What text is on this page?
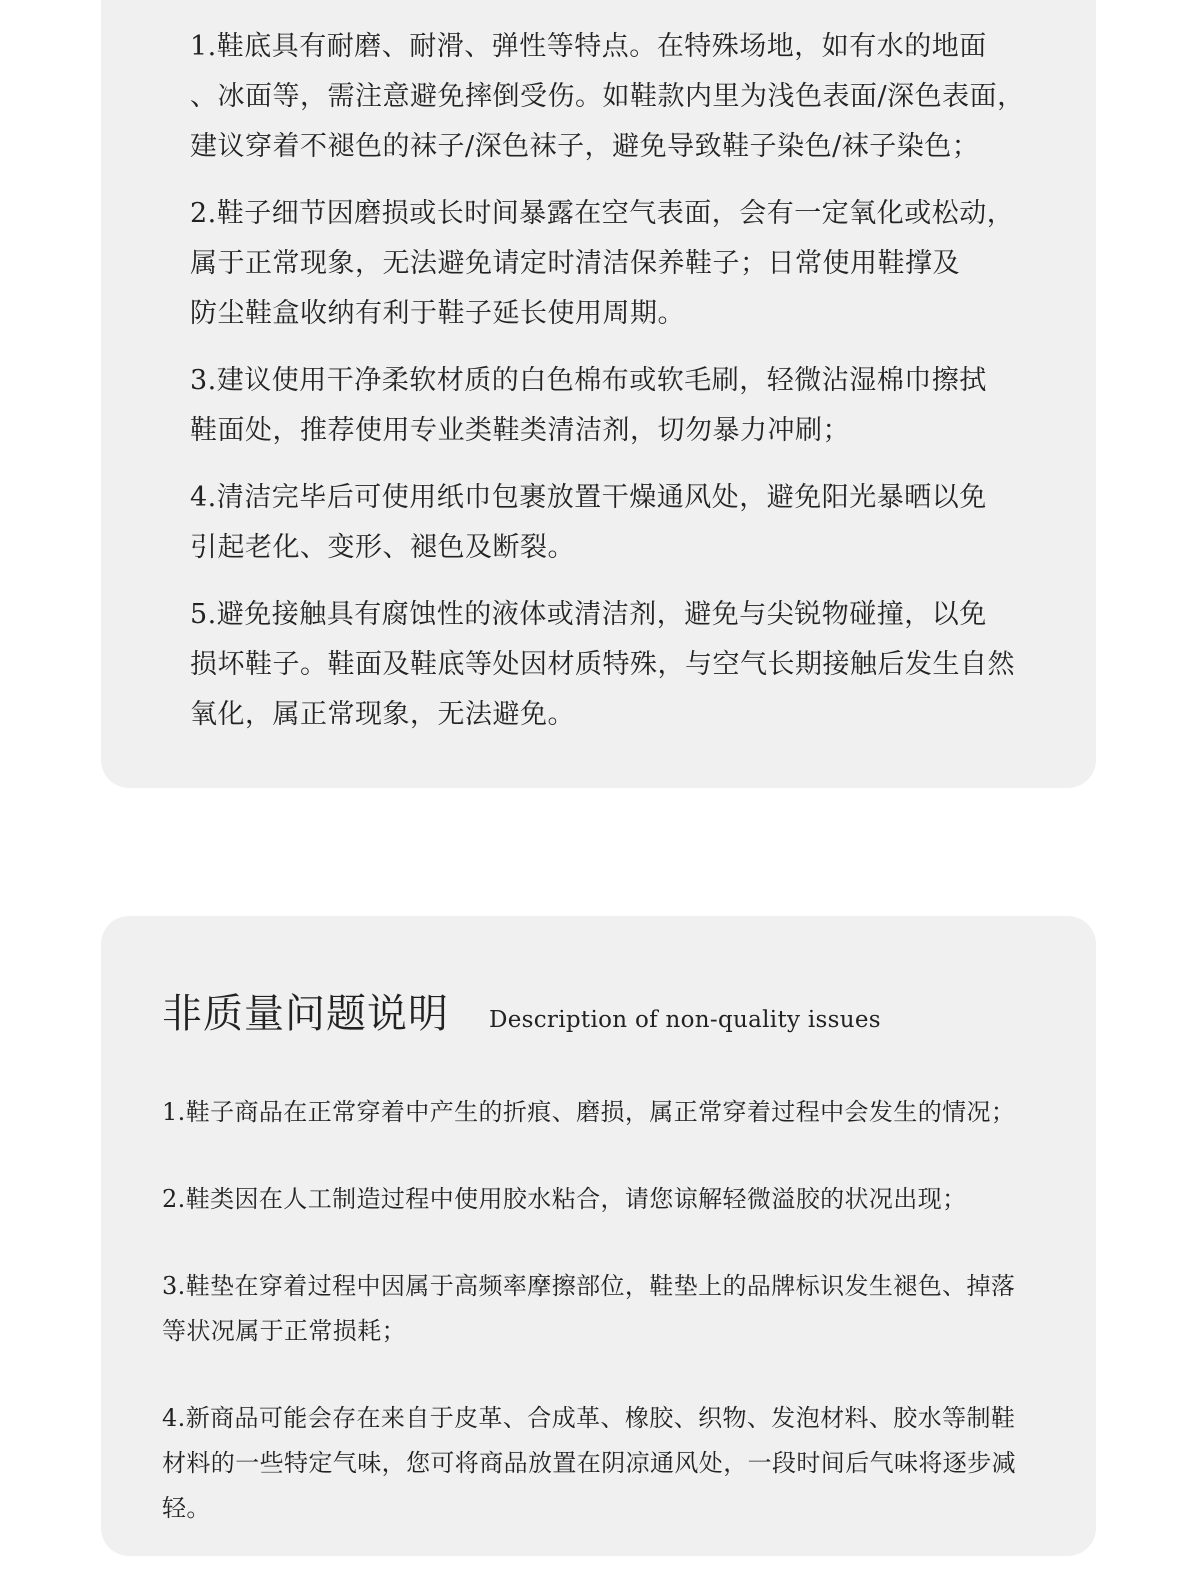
1.鞋底具有耐磨、耐滑、弹性等特点。在特殊场地，如有水的地面
、冰面等，需注意避免摔倒受伤。如鞋款内里为浅色表面/深色表面，
建议穿着不褪色的袜子/深色袜子，避免导致鞋子染色/袜子染色；
2.鞋子细节因磨损或长时间暴露在空气表面，会有一定氧化或松动，
属于正常现象，无法避免请定时清洁保养鞋子；日常使用鞋撑及
防尘鞋盒收纳有利于鞋子延长使用周期。
3.建议使用干净柔软材质的白色棉布或软毛刷，轻微沾湿棉巾擦拭
鞋面处，推荐使用专业类鞋类清洁剂，切勿暴力冲刷；
4.清洁完毕后可使用纸巾包裹放置干燥通风处，避免阳光暴晒以免
引起老化、变形、褪色及断裂。
5.避免接触具有腐蚀性的液体或清洁剂，避免与尖锐物碰撞，以免
损坏鞋子。鞋面及鞋底等处因材质特殊，与空气长期接触后发生自然
氧化，属正常现象，无法避免。
非质量问题说明 Description of non-quality issues
1.鞋子商品在正常穿着中产生的折痕、磨损，属正常穿着过程中会发生的情况；
2.鞋类因在人工制造过程中使用胶水粘合，请您谅解轻微溢胶的状况出现；
3.鞋垫在穿着过程中因属于高频率摩擦部位，鞋垫上的品牌标识发生褪色、掉落
等状况属于正常损耗；
4.新商品可能会存在来自于皮革、合成革、橡胶、织物、发泡材料、胶水等制鞋
材料的一些特定气味，您可将商品放置在阴凉通风处，一段时间后气味将逐步减
轻。
